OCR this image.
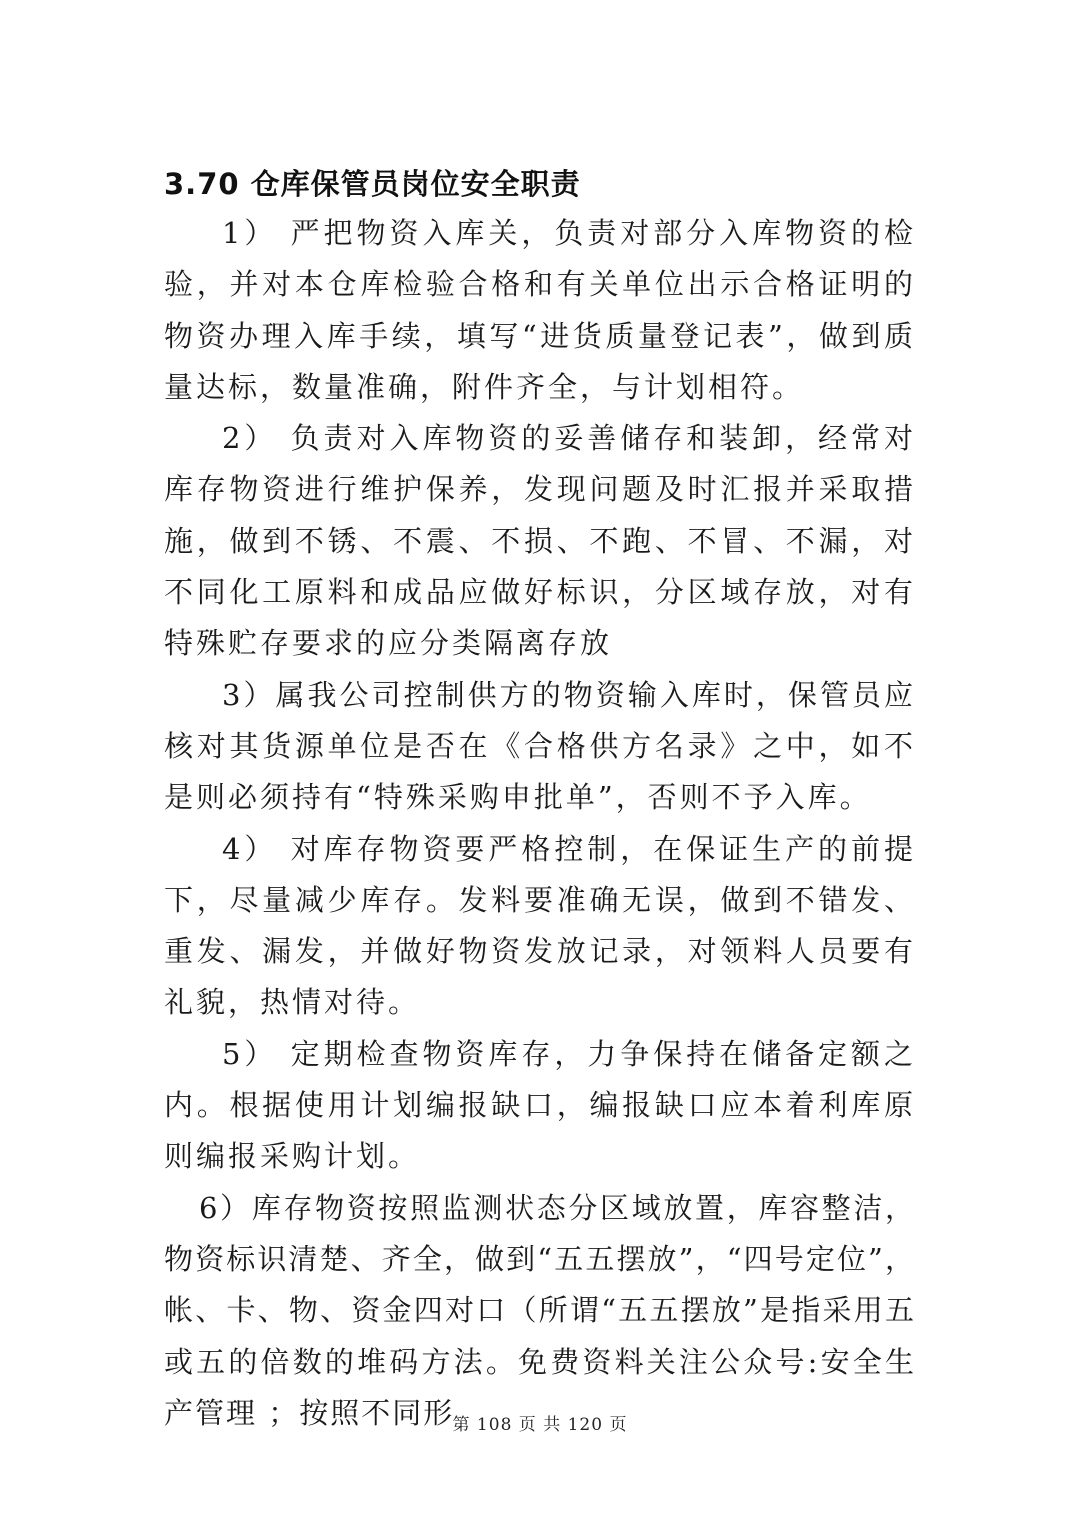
3.70 仓库保管员岗位安全职责

1） 严把物资入库关，负责对部分入库物资的检验，并对本仓库检验合格和有关单位出示合格证明的物资办理入库手续，填写“进货质量登记表”，做到质量达标，数量准确，附件齐全，与计划相符。

2） 负责对入库物资的妥善储存和装卸，经常对库存物资进行维护保养，发现问题及时汇报并采取措施，做到不锈、不震、不损、不跑、不冒、不漏，对不同化工原料和成品应做好标识，分区域存放，对有特殊贮存要求的应分类隔离存放

3）属我公司控制供方的物资输入库时，保管员应核对其货源单位是否在《合格供方名录》之中，如不是则必须持有“特殊采购申批单”，否则不予入库。

4） 对库存物资要严格控制，在保证生产的前提下，尽量减少库存。发料要准确无误，做到不错发、重发、漏发，并做好物资发放记录，对领料人员要有礼貌，热情对待。

5） 定期检查物资库存，力争保持在储备定额之内。根据使用计划编报缺口，编报缺口应本着利库原则编报采购计划。

6）库存物资按照监测状态分区域放置，库容整洁，物资标识清楚、齐全，做到“五五摆放”，“四号定位”，帐、卡、物、资金四对口（所谓“五五摆放”是指采用五或五的倍数的堆码方法。免费资料关注公众号:安全生产管理 ；按照不同形

第 108 页 共 120 页
